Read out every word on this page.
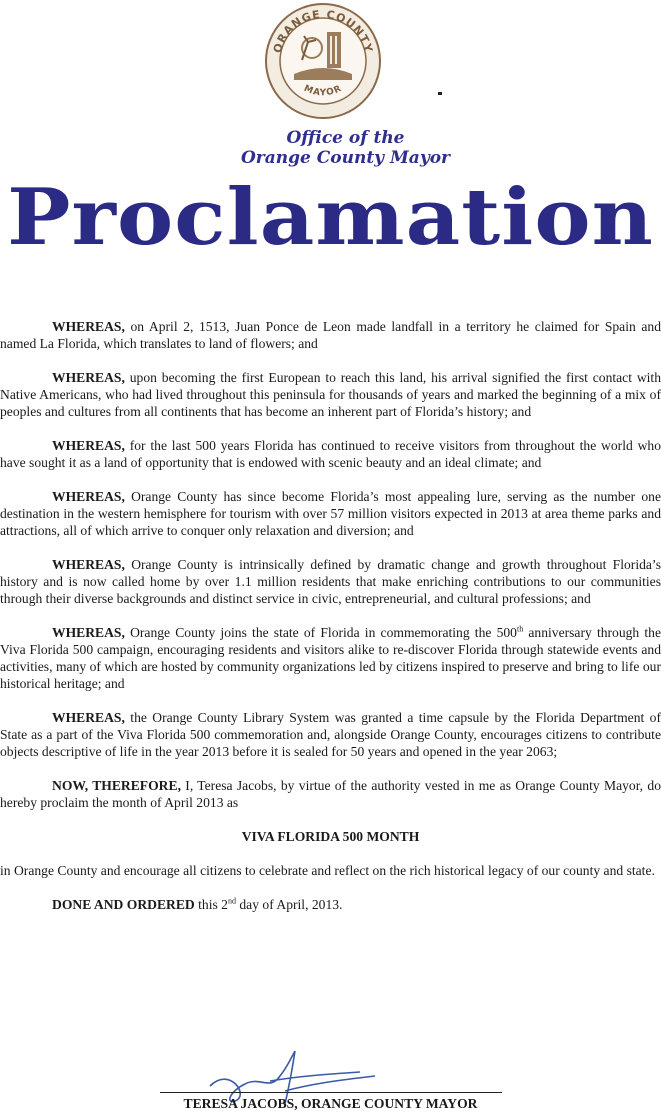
ORANGE COUNTY
MAYOR
Office of the
Orange County Mayor
Proclamation

WHEREAS, on April 2, 1513, Juan Ponce de Leon made landfall in a territory he claimed for Spain and named La Florida, which translates to land of flowers; and

WHEREAS, upon becoming the first European to reach this land, his arrival signified the first contact with Native Americans, who had lived throughout this peninsula for thousands of years and marked the beginning of a mix of peoples and cultures from all continents that has become an inherent part of Florida’s history; and

WHEREAS, for the last 500 years Florida has continued to receive visitors from throughout the world who have sought it as a land of opportunity that is endowed with scenic beauty and an ideal climate; and

WHEREAS, Orange County has since become Florida’s most appealing lure, serving as the number one destination in the western hemisphere for tourism with over 57 million visitors expected in 2013 at area theme parks and attractions, all of which arrive to conquer only relaxation and diversion; and

WHEREAS, Orange County is intrinsically defined by dramatic change and growth throughout Florida’s history and is now called home by over 1.1 million residents that make enriching contributions to our communities through their diverse backgrounds and distinct service in civic, entrepreneurial, and cultural professions; and

WHEREAS, Orange County joins the state of Florida in commemorating the 500th anniversary through the Viva Florida 500 campaign, encouraging residents and visitors alike to re-discover Florida through statewide events and activities, many of which are hosted by community organizations led by citizens inspired to preserve and bring to life our historical heritage; and

WHEREAS, the Orange County Library System was granted a time capsule by the Florida Department of State as a part of the Viva Florida 500 commemoration and, alongside Orange County, encourages citizens to contribute objects descriptive of life in the year 2013 before it is sealed for 50 years and opened in the year 2063;

NOW, THEREFORE, I, Teresa Jacobs, by virtue of the authority vested in me as Orange County Mayor, do hereby proclaim the month of April 2013 as

VIVA FLORIDA 500 MONTH

in Orange County and encourage all citizens to celebrate and reflect on the rich historical legacy of our county and state.

DONE AND ORDERED this 2nd day of April, 2013.

TERESA JACOBS, ORANGE COUNTY MAYOR
